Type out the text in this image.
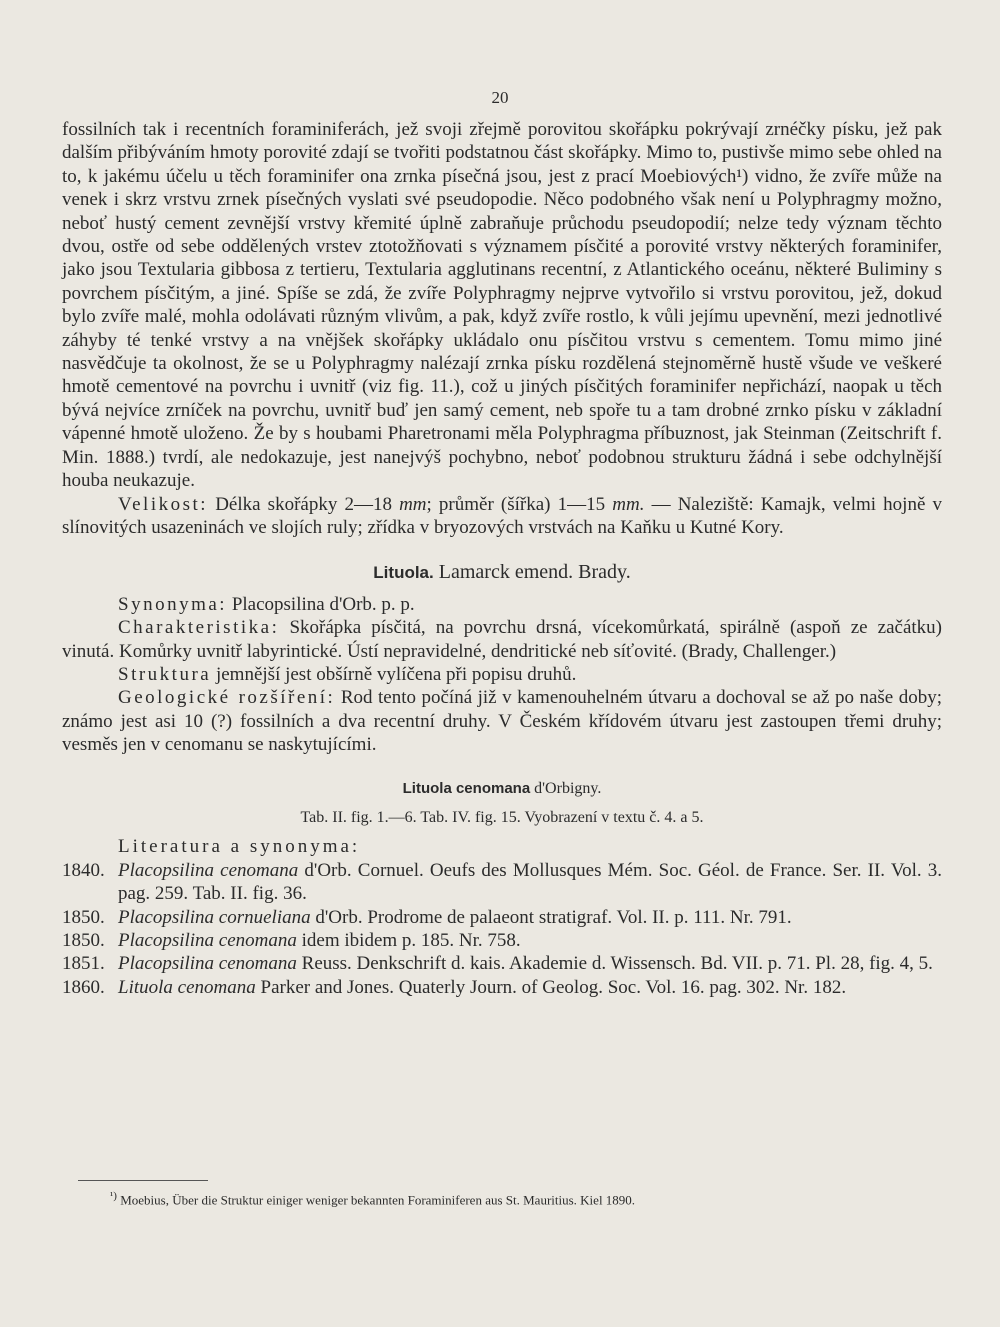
20

fossilních tak i recentních foraminiferách, jež svoji zřejmě porovitou skořápku pokrývají zrnéčky písku, jež pak dalším přibýváním hmoty porovité zdají se tvořiti podstatnou část skořápky. Mimo to, pustivše mimo sebe ohled na to, k jakému účelu u těch foraminifer ona zrnka písečná jsou, jest z prací Moebiových¹) vidno, že zvíře může na venek i skrz vrstvu zrnek písečných vyslati své pseudopodie. Něco podobného však není u Polyphragmy možno, neboť hustý cement zevnější vrstvy křemité úplně zabraňuje průchodu pseudopodií; nelze tedy význam těchto dvou, ostře od sebe oddělených vrstev ztotožňovati s významem písčité a porovité vrstvy některých foraminifer, jako jsou Textularia gibbosa z tertieru, Textularia agglutinans recentní, z Atlantického oceánu, některé Buliminy s povrchem písčitým, a jiné. Spíše se zdá, že zvíře Polyphragmy nejprve vytvořilo si vrstvu porovitou, jež, dokud bylo zvíře malé, mohla odolávati různým vlivům, a pak, když zvíře rostlo, k vůli jejímu upevnění, mezi jednotlivé záhyby té tenké vrstvy a na vnějšek skořápky ukládalo onu písčitou vrstvu s cementem. Tomu mimo jiné nasvědčuje ta okolnost, že se u Polyphragmy nalézají zrnka písku rozdělená stejnoměrně hustě všude ve veškeré hmotě cementové na povrchu i uvnitř (viz fig. 11.), což u jiných písčitých foraminifer nepřichází, naopak u těch bývá nejvíce zrníček na povrchu, uvnitř buď jen samý cement, neb spoře tu a tam drobné zrnko písku v základní vápenné hmotě uloženo. Že by s houbami Pharetronami měla Polyphragma příbuznost, jak Steinman (Zeitschrift f. Min. 1888.) tvrdí, ale nedokazuje, jest nanejvýš pochybno, neboť podobnou strukturu žádná i sebe odchylnější houba neukazuje.

Velikost: Délka skořápky 2—18 mm; průměr (šířka) 1—15 mm. — Naleziště: Kamajk, velmi hojně v slínovitých usazeninách ve slojích ruly; zřídka v bryozových vrstvách na Kaňku u Kutné Kory.

Lituola. Lamarck emend. Brady.

Synonyma: Placopsilina d'Orb. p. p.

Charakteristika: Skořápka písčitá, na povrchu drsná, vícekomůrkatá, spirálně (aspoň ze začátku) vinutá. Komůrky uvnitř labyrintické. Ústí nepravidelné, dendritické neb síťovité. (Brady, Challenger.)

Struktura jemnější jest obšírně vylíčena při popisu druhů.

Geologické rozšíření: Rod tento počíná již v kamenouhelném útvaru a dochoval se až po naše doby; známo jest asi 10 (?) fossilních a dva recentní druhy. V Českém křídovém útvaru jest zastoupen třemi druhy; vesměs jen v cenomanu se naskytujícími.

Lituola cenomana d'Orbigny.
Tab. II. fig. 1.—6. Tab. IV. fig. 15. Vyobrazení v textu č. 4. a 5.

Literatura a synonyma:

1840. Placopsilina cenomana d'Orb. Cornuel. Oeufs des Mollusques Mém. Soc. Géol. de France. Ser. II. Vol. 3. pag. 259. Tab. II. fig. 36.
1850. Placopsilina cornueliana d'Orb. Prodrome de palaeont stratigraf. Vol. II. p. 111. Nr. 791.
1850. Placopsilina cenomana idem ibidem p. 185. Nr. 758.
1851. Placopsilina cenomana Reuss. Denkschrift d. kais. Akademie d. Wissensch. Bd. VII. p. 71. Pl. 28, fig. 4, 5.
1860. Lituola cenomana Parker and Jones. Quaterly Journ. of Geolog. Soc. Vol. 16. pag. 302. Nr. 182.
$^{^1)}$ Moebius, Über die Struktur einiger weniger bekannten Foraminiferen aus St. Mauritius. Kiel 1890.
